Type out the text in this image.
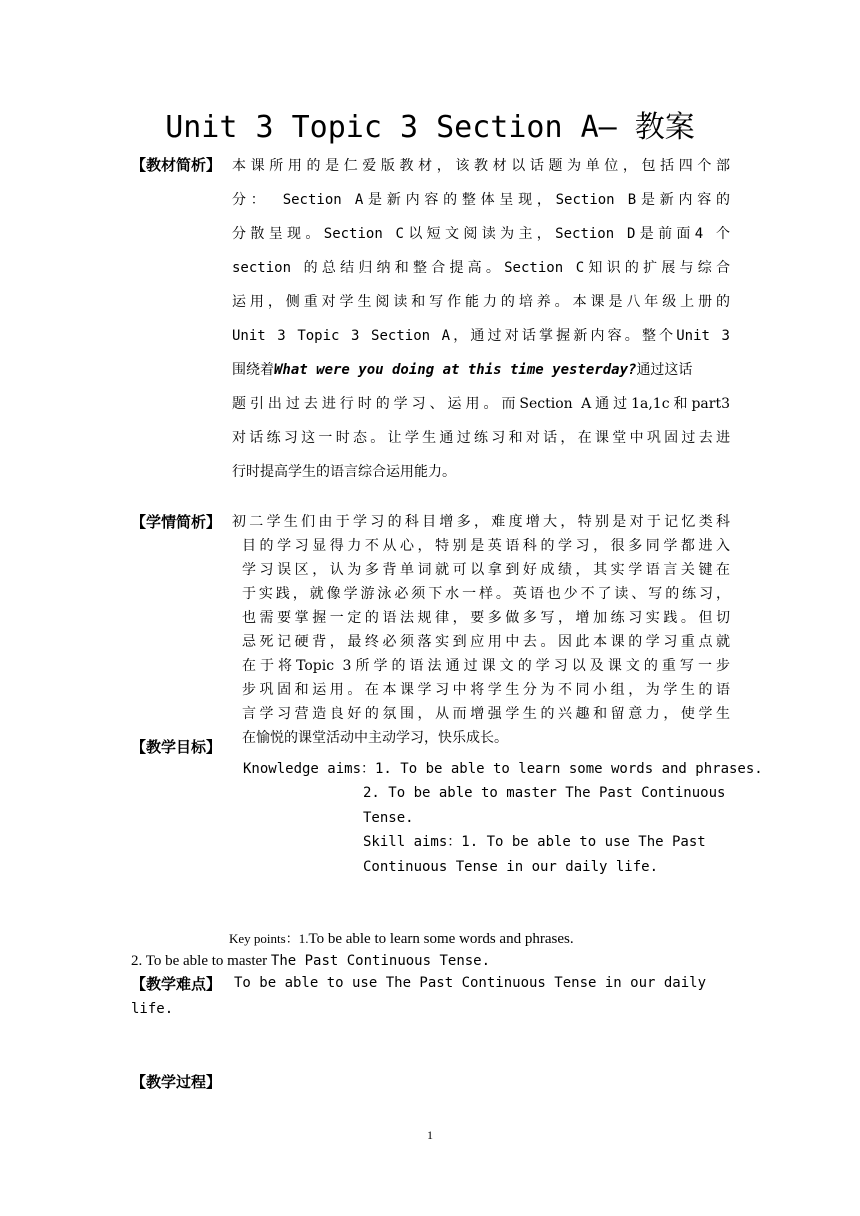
Unit 3 Topic 3 Section A— 教案
【教材简析】 本课所用的是仁爱版教材，该教材以话题为单位，包括四个部
分： Section A是新内容的整体呈现，Section B是新内容的
分散呈现。Section C以短文阅读为主，Section D是前面4 个
section 的总结归纳和整合提高。Section C知识的扩展与综合
运用，侧重对学生阅读和写作能力的培养。本课是八年级上册的
Unit 3 Topic 3 Section A，通过对话掌握新内容。整个Unit 3
围绕着What were you doing at this time yesterday?通过这话
题引出过去进行时的学习、运用。而Section A通过1a,1c和part3
对话练习这一时态。让学生通过练习和对话，在课堂中巩固过去进
行时提高学生的语言综合运用能力。
【学情简析】 初二学生们由于学习的科目增多，难度增大，特别是对于记忆类科
目的学习显得力不从心，特别是英语科的学习，很多同学都进入
学习误区，认为多背单词就可以拿到好成绩，其实学语言关键在
于实践，就像学游泳必须下水一样。英语也少不了读、写的练习，
也需要掌握一定的语法规律，要多做多写，增加练习实践。但切
忌死记硬背，最终必须落实到应用中去。因此本课的学习重点就
在于将Topic 3所学的语法通过课文的学习以及课文的重写一步
步巩固和运用。在本课学习中将学生分为不同小组，为学生的语
言学习营造良好的氛围，从而增强学生的兴趣和留意力，使学生
在愉悦的课堂活动中主动学习，快乐成长。
【教学目标】
Knowledge aims：1. To be able to learn some words and phrases.
2. To be able to master The Past Continuous
Tense.
Skill aims：1. To be able to use The Past
Continuous Tense in our daily life.
Key points：1.To be able to learn some words and phrases.
2. To be able to master The Past Continuous Tense.
【教学难点】 To be able to use The Past Continuous Tense in our daily
life.
【教学过程】
1
